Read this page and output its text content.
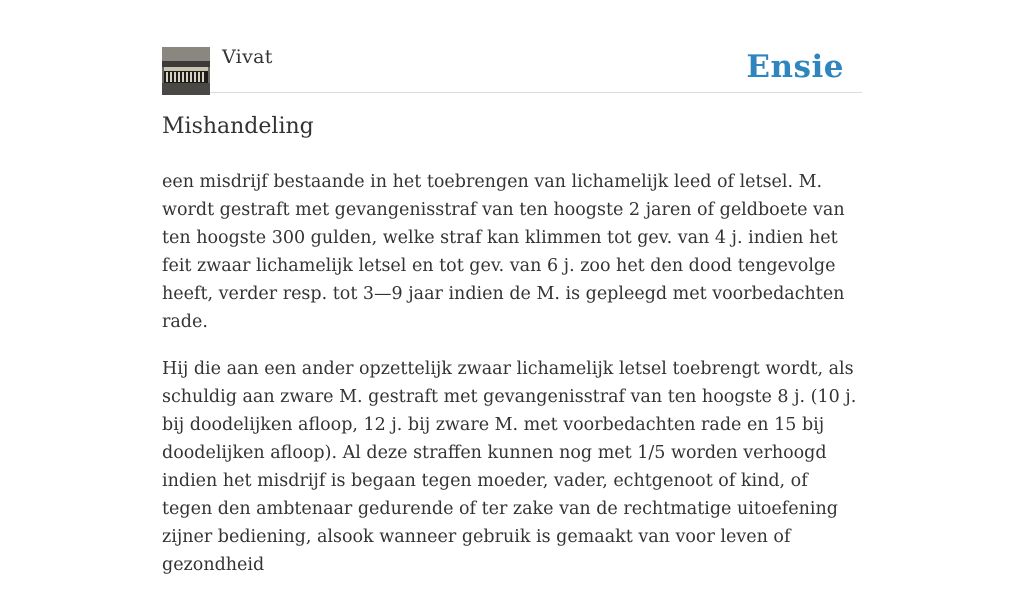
Vivat	Ensie
Mishandeling

een misdrijf bestaande in het toebrengen van lichamelijk leed of letsel. M. wordt gestraft met gevangenisstraf van ten hoogste 2 jaren of geldboete van ten hoogste 300 gulden, welke straf kan klimmen tot gev. van 4 j. indien het feit zwaar lichamelijk letsel en tot gev. van 6 j. zoo het den dood tengevolge heeft, verder resp. tot 3—9 jaar indien de M. is gepleegd met voorbedachten rade.

Hij die aan een ander opzettelijk zwaar lichamelijk letsel toebrengt wordt, als schuldig aan zware M. gestraft met gevangenisstraf van ten hoogste 8 j. (10 j. bij doodelijken afloop, 12 j. bij zware M. met voorbedachten rade en 15 bij doodelijken afloop). Al deze straffen kunnen nog met 1/5 worden verhoogd indien het misdrijf is begaan tegen moeder, vader, echtgenoot of kind, of tegen den ambtenaar gedurende of ter zake van de rechtmatige uitoefening zijner bediening, alsook wanneer gebruik is gemaakt van voor leven of gezondheid
